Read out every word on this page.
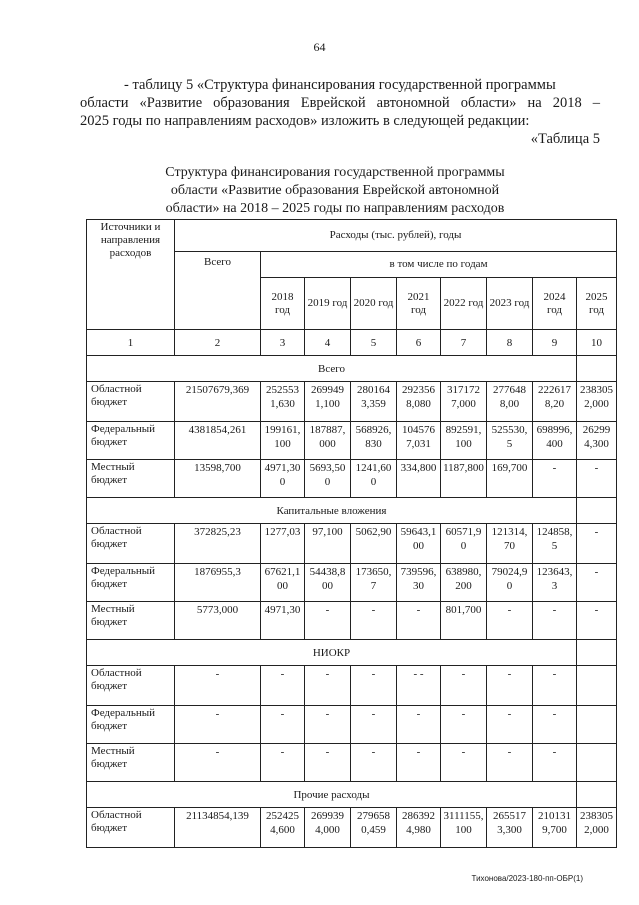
64
- таблицу 5 «Структура финансирования государственной программы
области «Развитие образования Еврейской автономной области» на 2018 –
2025 годы по направлениям расходов» изложить в следующей редакции:
«Таблица 5
Структура финансирования государственной программы
области «Развитие образования Еврейской автономной
области» на 2018 – 2025 годы по направлениям расходов
Источники и направления расходов	Расходы (тыс. рублей), годы								
	Всего	в том числе по годам							
		2018 год	2019 год	2020 год	2021 год	2022 год	2023 год	2024 год	2025 год
1	2	3	4	5	6	7	8	9	10
Всего									
Областной бюджет	21507679,369	2525531,630	2699491,100	2801643,359	2923568,080	3171727,000	2776488,00	2226178,20	2383052,000
Федеральный бюджет	4381854,261	199161,100	187887,000	568926,830	1045767,031	892591,100	525530,5	698996,400	262994,300
Местный бюджет	13598,700	4971,300	5693,500	1241,600	334,800	1187,800	169,700	-	-
Капитальные вложения									
Областной бюджет	372825,23	1277,03	97,100	5062,90	59643,100	60571,90	121314,70	124858,5	-
Федеральный бюджет	1876955,3	67621,100	54438,800	173650,7	739596,30	638980,200	79024,90	123643,3	-
Местный бюджет	5773,000	4971,30	-	-	-	801,700	-	-	-
НИОКР									
Областной бюджет	-	-	-	-	- -	-	-	-	
Федеральный бюджет	-	-	-	-	-	-	-	-	
Местный бюджет	-	-	-	-	-	-	-	-	
Прочие расходы									
Областной бюджет	21134854,139	2524254,600	2699394,000	2796580,459	2863924,980	3111155,100	2655173,300	2101319,700	2383052,000
Тихонова/2023-180-пп-ОБР(1)
